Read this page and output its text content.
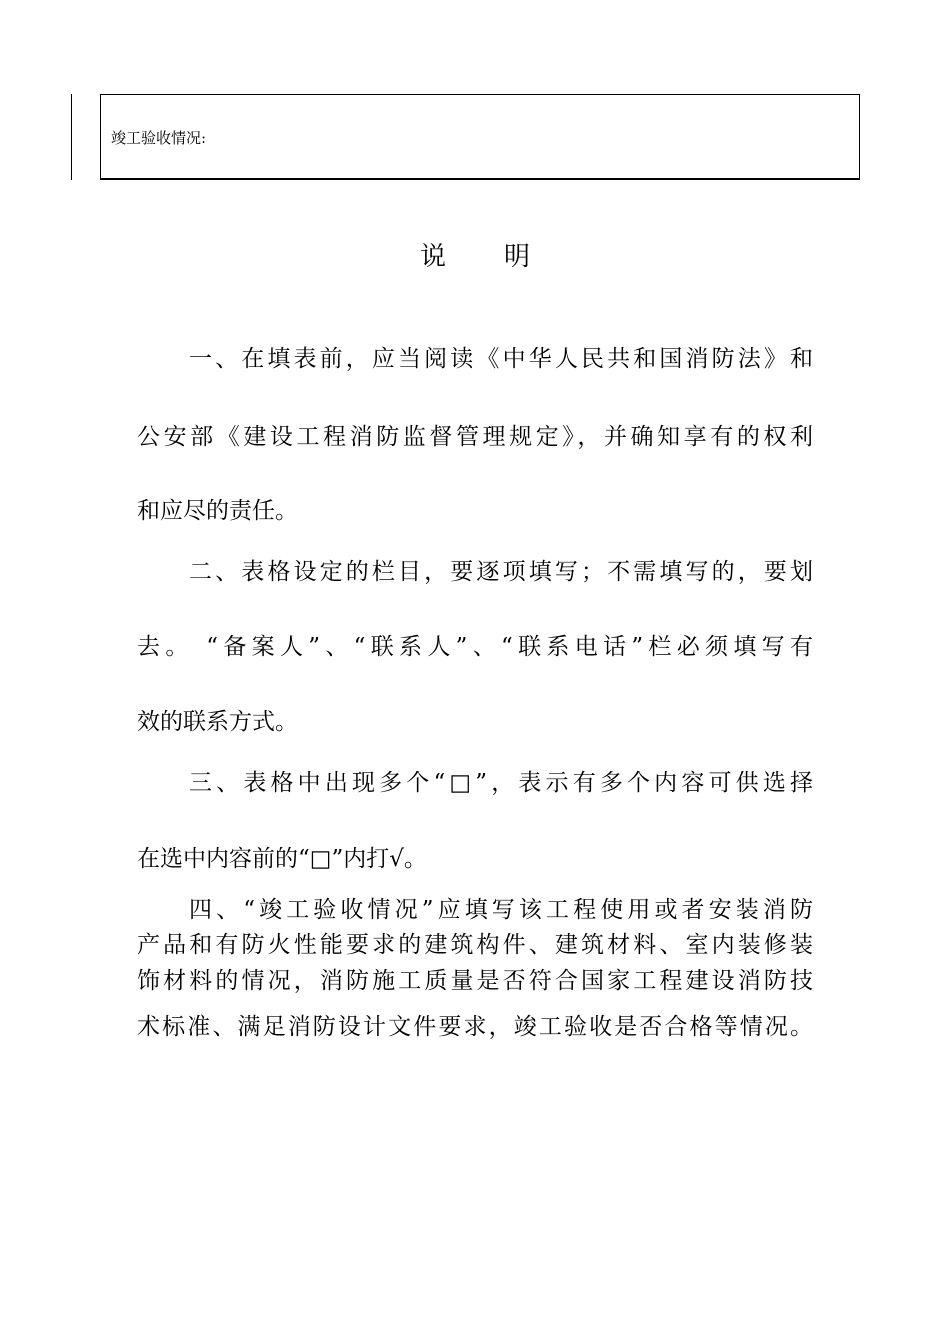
竣工验收情况:
说明
一、在填表前，应当阅读《中华人民共和国消防法》和
公安部《建设工程消防监督管理规定》，并确知享有的权利
和应尽的责任。
二、表格设定的栏目，要逐项填写；不需填写的，要划
去。 “备案人”、“联系人”、“联系电话”栏必须填写有
效的联系方式。
三、表格中出现多个“□”，表示有多个内容可供选择
在选中内容前的“□”内打√。
四、“竣工验收情况”应填写该工程使用或者安装消防
产品和有防火性能要求的建筑构件、建筑材料、室内装修装
饰材料的情况，消防施工质量是否符合国家工程建设消防技
术标准、满足消防设计文件要求，竣工验收是否合格等情况。
